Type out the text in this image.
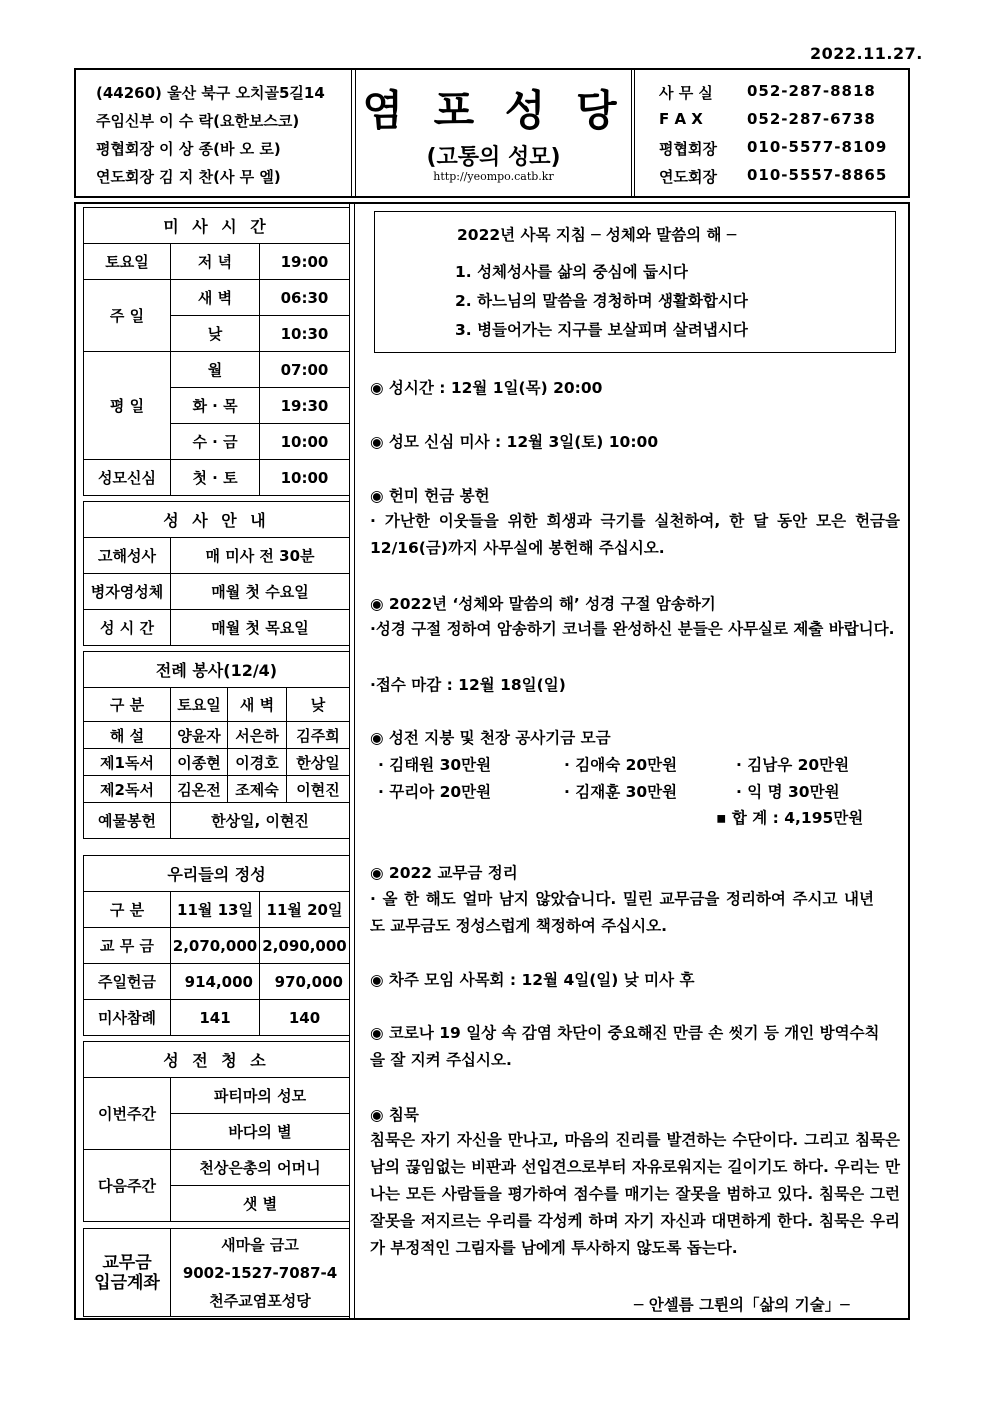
2022.11.27.
(44260) 울산 북구 오치골5길14
주임신부 이 수 락(요한보스코)
평협회장 이 상 종(바 오 로)
연도회장 김 지 찬(사 무 엘)
염 포 성 당
(고통의 성모)
http://yeompo.catb.kr
사 무 실 052-287-8818
F A X	052-287-6738
평협회장 010-5577-8109
연도회장 010-5557-8865
미 사 시 간		
토요일	저 녁	19:00
주 일	새 벽	06:30
	낮	10:30
평 일	월	07:00
	화 · 목	19:30
	수 · 금	10:00
성모신심	첫 · 토	10:00
성 사 안 내	
고해성사	매 미사 전 30분
병자영성체	매월 첫 수요일
성 시 간	매월 첫 목요일
전례 봉사(12/4)			
구 분	토요일	새 벽	낮
해 설	양윤자	서은하	김주희
제1독서	이종현	이경호	한상일
제2독서	김온전	조제숙	이현진
예물봉헌	한상일, 이현진		
우리들의 정성		
구 분	11월 13일	11월 20일
교 무 금	2,070,000	2,090,000
주일헌금	914,000	970,000
미사참례	141	140
성 전 청 소	
이번주간	파티마의 성모
	바다의 별
다음주간	천상은총의 어머니
	샛 별
교무금
입금계좌

새마을 금고
9002-1527-7087-4
천주교염포성당
2022년 사목 지침 ─ 성체와 말씀의 해 ─
1. 성체성사를 삶의 중심에 둡시다
2. 하느님의 말씀을 경청하며 생활화합시다
3. 병들어가는 지구를 보살피며 살려냅시다
◉ 성시간 : 12월 1일(목) 20:00
◉ 성모 신심 미사 : 12월 3일(토) 10:00
◉ 헌미 헌금 봉헌
· 가난한 이웃들을 위한 희생과 극기를 실천하여, 한 달 동안 모은 헌금을 12/16(금)까지 사무실에 봉헌해 주십시오.
◉ 2022년 ‘성체와 말씀의 해’ 성경 구절 암송하기
·성경 구절 정하여 암송하기 코너를 완성하신 분들은 사무실로 제출 바랍니다.
·접수 마감 : 12월 18일(일)
◉ 성전 지붕 및 천장 공사기금 모금
· 김태원 30만원	· 김애숙 20만원	· 김남우 20만원
· 꾸리아 20만원	· 김재훈 30만원	· 익 명 30만원
▪ 합 계 : 4,195만원
◉ 2022 교무금 정리
· 올 한 해도 얼마 남지 않았습니다. 밀린 교무금을 정리하여 주시고 내년도 교무금도 정성스럽게 책정하여 주십시오.
◉ 차주 모임 사목회 : 12월 4일(일) 낮 미사 후
◉ 코로나 19 일상 속 감염 차단이 중요해진 만큼 손 씻기 등 개인 방역수칙을 잘 지켜 주십시오.
◉ 침묵
침묵은 자기 자신을 만나고, 마음의 진리를 발견하는 수단이다. 그리고 침묵은 남의 끊임없는 비판과 선입견으로부터 자유로워지는 길이기도 하다. 우리는 만나는 모든 사람들을 평가하여 점수를 매기는 잘못을 범하고 있다. 침묵은 그런 잘못을 저지르는 우리를 각성케 하며 자기 자신과 대면하게 한다. 침묵은 우리가 부정적인 그림자를 남에게 투사하지 않도록 돕는다.
─ 안셀름 그륀의「삶의 기술」─
